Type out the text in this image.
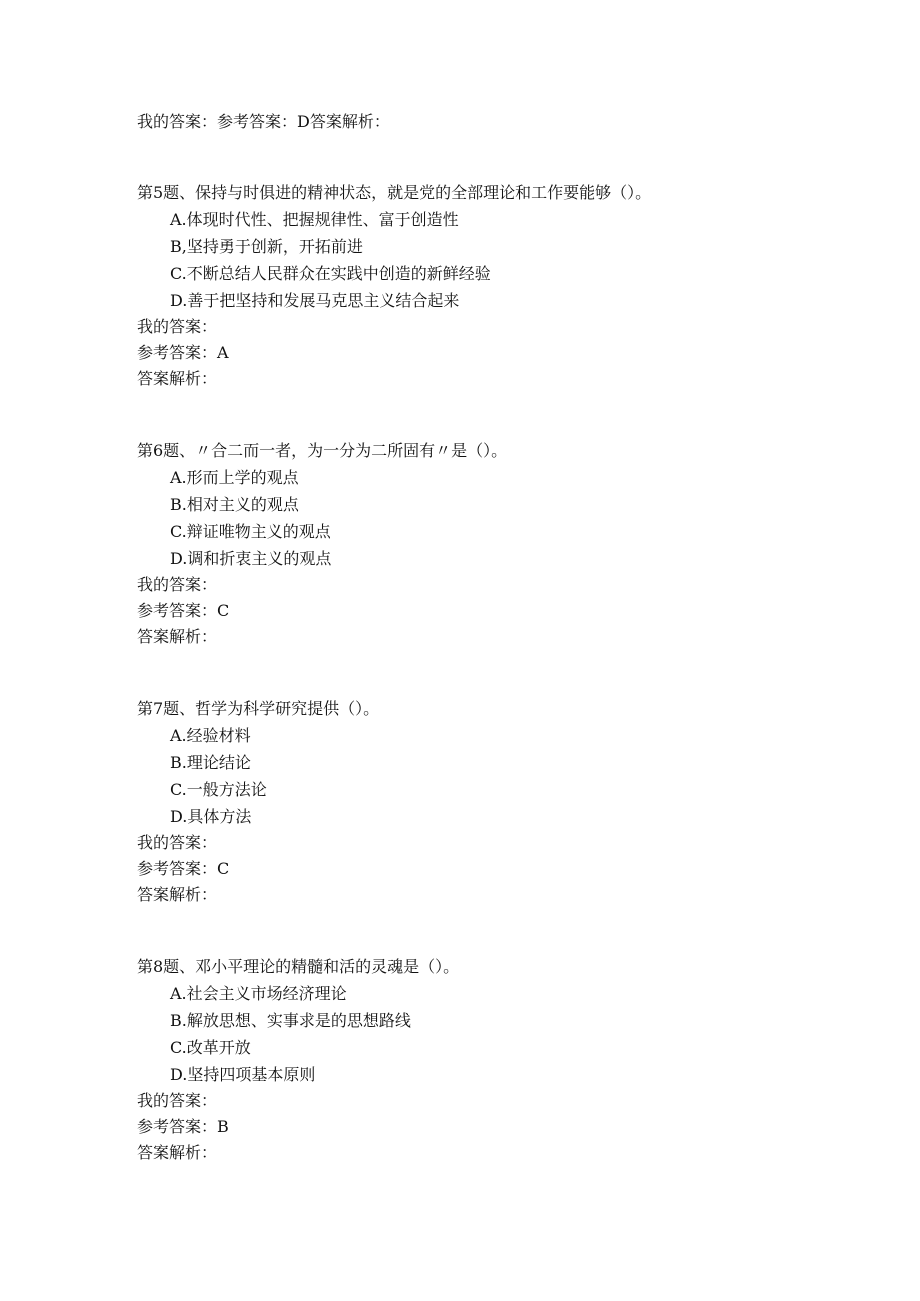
我的答案：参考答案：D答案解析：
第5题、保持与时俱进的精神状态，就是党的全部理论和工作要能够（）。
A.体现时代性、把握规律性、富于创造性
B,坚持勇于创新，开拓前进
C.不断总结人民群众在实践中创造的新鲜经验
D.善于把坚持和发展马克思主义结合起来
我的答案：
参考答案：A
答案解析：
第6题、〃合二而一者，为一分为二所固有〃是（）。
A.形而上学的观点
B.相对主义的观点
C.辩证唯物主义的观点
D.调和折衷主义的观点
我的答案：
参考答案：C
答案解析：
第7题、哲学为科学研究提供（）。
A.经验材料
B.理论结论
C.一般方法论
D.具体方法
我的答案：
参考答案：C
答案解析：
第8题、邓小平理论的精髓和活的灵魂是（）。
A.社会主义市场经济理论
B.解放思想、实事求是的思想路线
C.改革开放
D.坚持四项基本原则
我的答案：
参考答案：B
答案解析：
